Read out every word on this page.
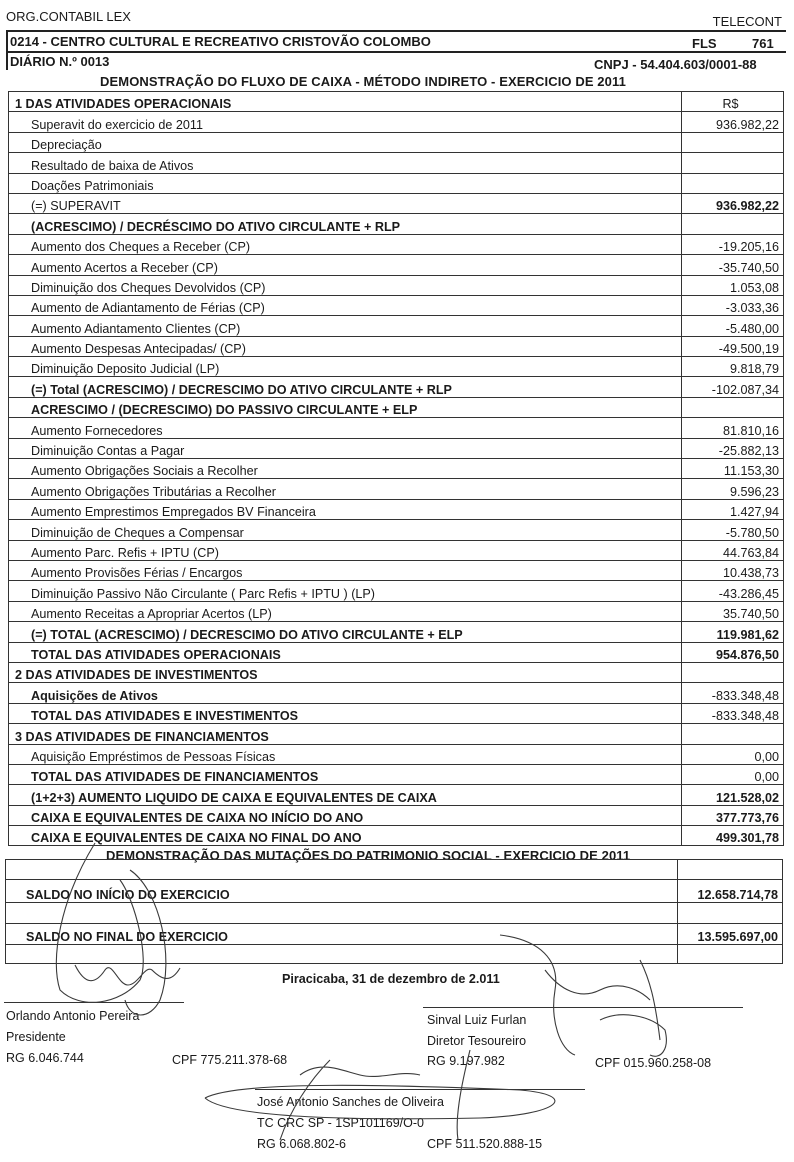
ORG.CONTABIL LEX	TELECONT
0214 - CENTRO CULTURAL E RECREATIVO CRISTOVÃO COLOMBO	FLS	761
DIÁRIO N.º 0013	CNPJ - 54.404.603/0001-88
DEMONSTRAÇÃO DO FLUXO DE CAIXA - MÉTODO INDIRETO - EXERCICIO DE 2011
1 DAS ATIVIDADES OPERACIONAIS	R$
Superavit do exercicio de 2011	936.982,22
Depreciação	
Resultado de baixa de Ativos	
Doações Patrimoniais	
(=) SUPERAVIT	936.982,22
(ACRESCIMO) / DECRÉSCIMO DO ATIVO CIRCULANTE + RLP	
Aumento dos Cheques a Receber (CP)	-19.205,16
Aumento Acertos a Receber (CP)	-35.740,50
Diminuição dos Cheques Devolvidos (CP)	1.053,08
Aumento de Adiantamento de Férias (CP)	-3.033,36
Aumento Adiantamento Clientes (CP)	-5.480,00
Aumento Despesas Antecipadas/ (CP)	-49.500,19
Diminuição Deposito Judicial (LP)	9.818,79
(=) Total (ACRESCIMO) / DECRESCIMO DO ATIVO CIRCULANTE + RLP	-102.087,34
ACRESCIMO / (DECRESCIMO) DO PASSIVO CIRCULANTE + ELP	
Aumento Fornecedores	81.810,16
Diminuição Contas a Pagar	-25.882,13
Aumento Obrigações Sociais a Recolher	11.153,30
Aumento Obrigações Tributárias a Recolher	9.596,23
Aumento Emprestimos Empregados BV Financeira	1.427,94
Diminuição de Cheques a Compensar	-5.780,50
Aumento Parc. Refis + IPTU (CP)	44.763,84
Aumento Provisões Férias / Encargos	10.438,73
Diminuição Passivo Não Circulante ( Parc Refis + IPTU ) (LP)	-43.286,45
Aumento Receitas a Apropriar Acertos (LP)	35.740,50
(=) TOTAL (ACRESCIMO) / DECRESCIMO DO ATIVO CIRCULANTE + ELP	119.981,62
TOTAL DAS ATIVIDADES OPERACIONAIS	954.876,50
2 DAS ATIVIDADES DE INVESTIMENTOS	
Aquisições de Ativos	-833.348,48
TOTAL DAS ATIVIDADES E INVESTIMENTOS	-833.348,48
3 DAS ATIVIDADES DE FINANCIAMENTOS	
Aquisição Empréstimos de Pessoas Físicas	0,00
TOTAL DAS ATIVIDADES DE FINANCIAMENTOS	0,00
(1+2+3) AUMENTO LIQUIDO DE CAIXA E EQUIVALENTES DE CAIXA	121.528,02
CAIXA E EQUIVALENTES DE CAIXA NO INÍCIO DO ANO	377.773,76
CAIXA E EQUIVALENTES DE CAIXA NO FINAL DO ANO	499.301,78
DEMONSTRAÇÃO DAS MUTAÇÕES DO PATRIMONIO SOCIAL - EXERCICIO DE 2011

SALDO NO INÍCIO DO EXERCICIO	12.658.714,78

SALDO NO FINAL DO EXERCICIO	13.595.697,00

Piracicaba, 31 de dezembro de 2.011
Orlando Antonio Pereira
Presidente
RG 6.046.744	CPF 775.211.378-68
Sinval Luiz Furlan
Diretor Tesoureiro
RG 9.197.982	CPF 015.960.258-08
José Antonio Sanches de Oliveira
TC CRC SP - 1SP101169/O-0
RG 6.068.802-6	CPF 511.520.888-15
